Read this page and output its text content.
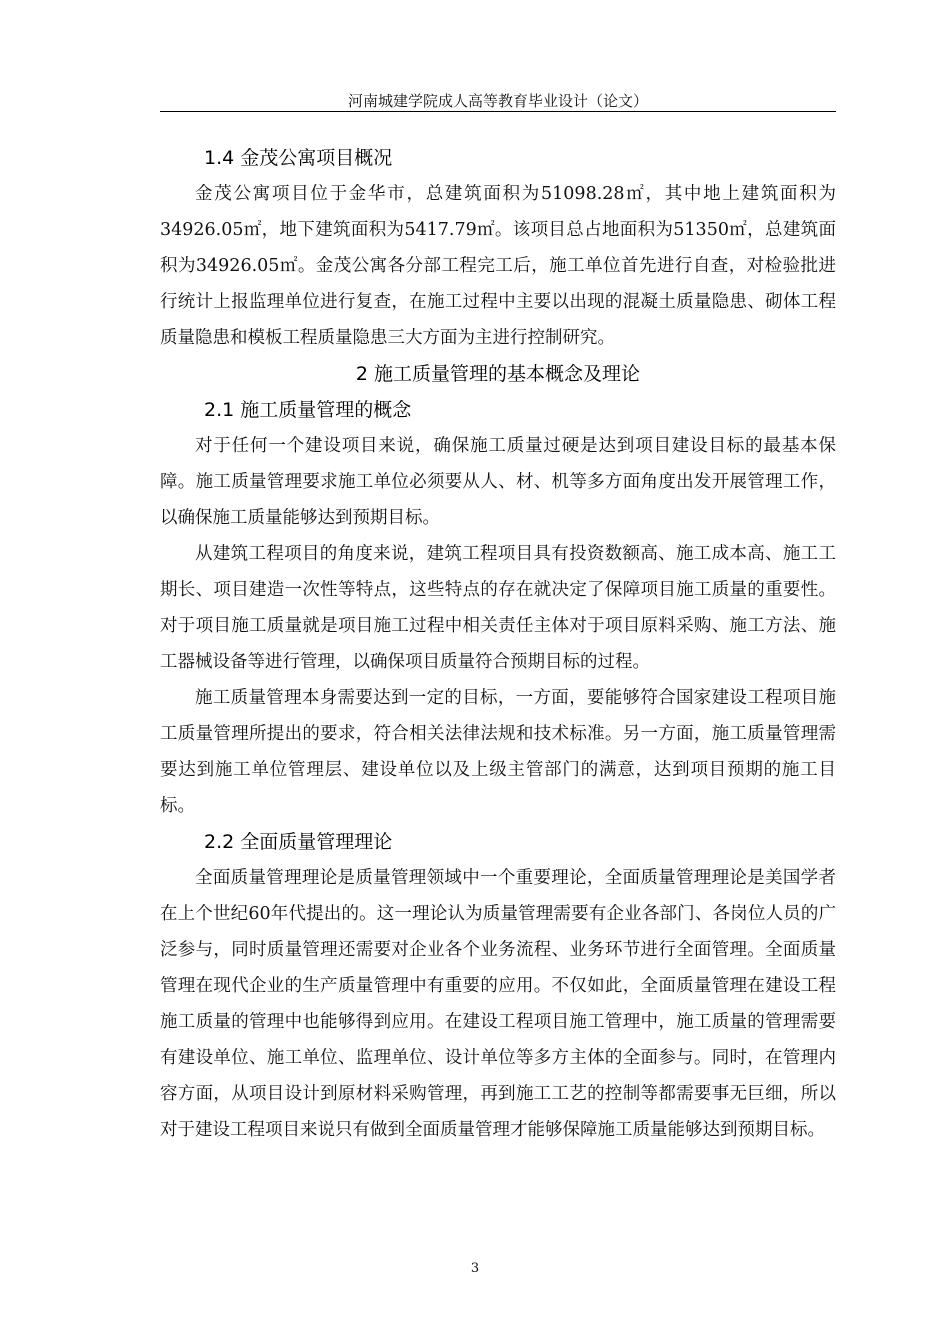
河南城建学院成人高等教育毕业设计（论文）
1.4 金茂公寓项目概况

金茂公寓项目位于金华市，总建筑面积为51098.28㎡，其中地上建筑面积为34926.05㎡，地下建筑面积为5417.79㎡。该项目总占地面积为51350㎡，总建筑面积为34926.05㎡。金茂公寓各分部工程完工后，施工单位首先进行自查，对检验批进行统计上报监理单位进行复查，在施工过程中主要以出现的混凝土质量隐患、砌体工程质量隐患和模板工程质量隐患三大方面为主进行控制研究。

2 施工质量管理的基本概念及理论
2.1 施工质量管理的概念

对于任何一个建设项目来说，确保施工质量过硬是达到项目建设目标的最基本保障。施工质量管理要求施工单位必须要从人、材、机等多方面角度出发开展管理工作，以确保施工质量能够达到预期目标。

从建筑工程项目的角度来说，建筑工程项目具有投资数额高、施工成本高、施工工期长、项目建造一次性等特点，这些特点的存在就决定了保障项目施工质量的重要性。对于项目施工质量就是项目施工过程中相关责任主体对于项目原料采购、施工方法、施工器械设备等进行管理，以确保项目质量符合预期目标的过程。

施工质量管理本身需要达到一定的目标，一方面，要能够符合国家建设工程项目施工质量管理所提出的要求，符合相关法律法规和技术标准。另一方面，施工质量管理需要达到施工单位管理层、建设单位以及上级主管部门的满意，达到项目预期的施工目标。

2.2 全面质量管理理论

全面质量管理理论是质量管理领域中一个重要理论，全面质量管理理论是美国学者在上个世纪60年代提出的。这一理论认为质量管理需要有企业各部门、各岗位人员的广泛参与，同时质量管理还需要对企业各个业务流程、业务环节进行全面管理。全面质量管理在现代企业的生产质量管理中有重要的应用。不仅如此，全面质量管理在建设工程施工质量的管理中也能够得到应用。在建设工程项目施工管理中，施工质量的管理需要有建设单位、施工单位、监理单位、设计单位等多方主体的全面参与。同时，在管理内容方面，从项目设计到原材料采购管理，再到施工工艺的控制等都需要事无巨细，所以对于建设工程项目来说只有做到全面质量管理才能够保障施工质量能够达到预期目标。

3
